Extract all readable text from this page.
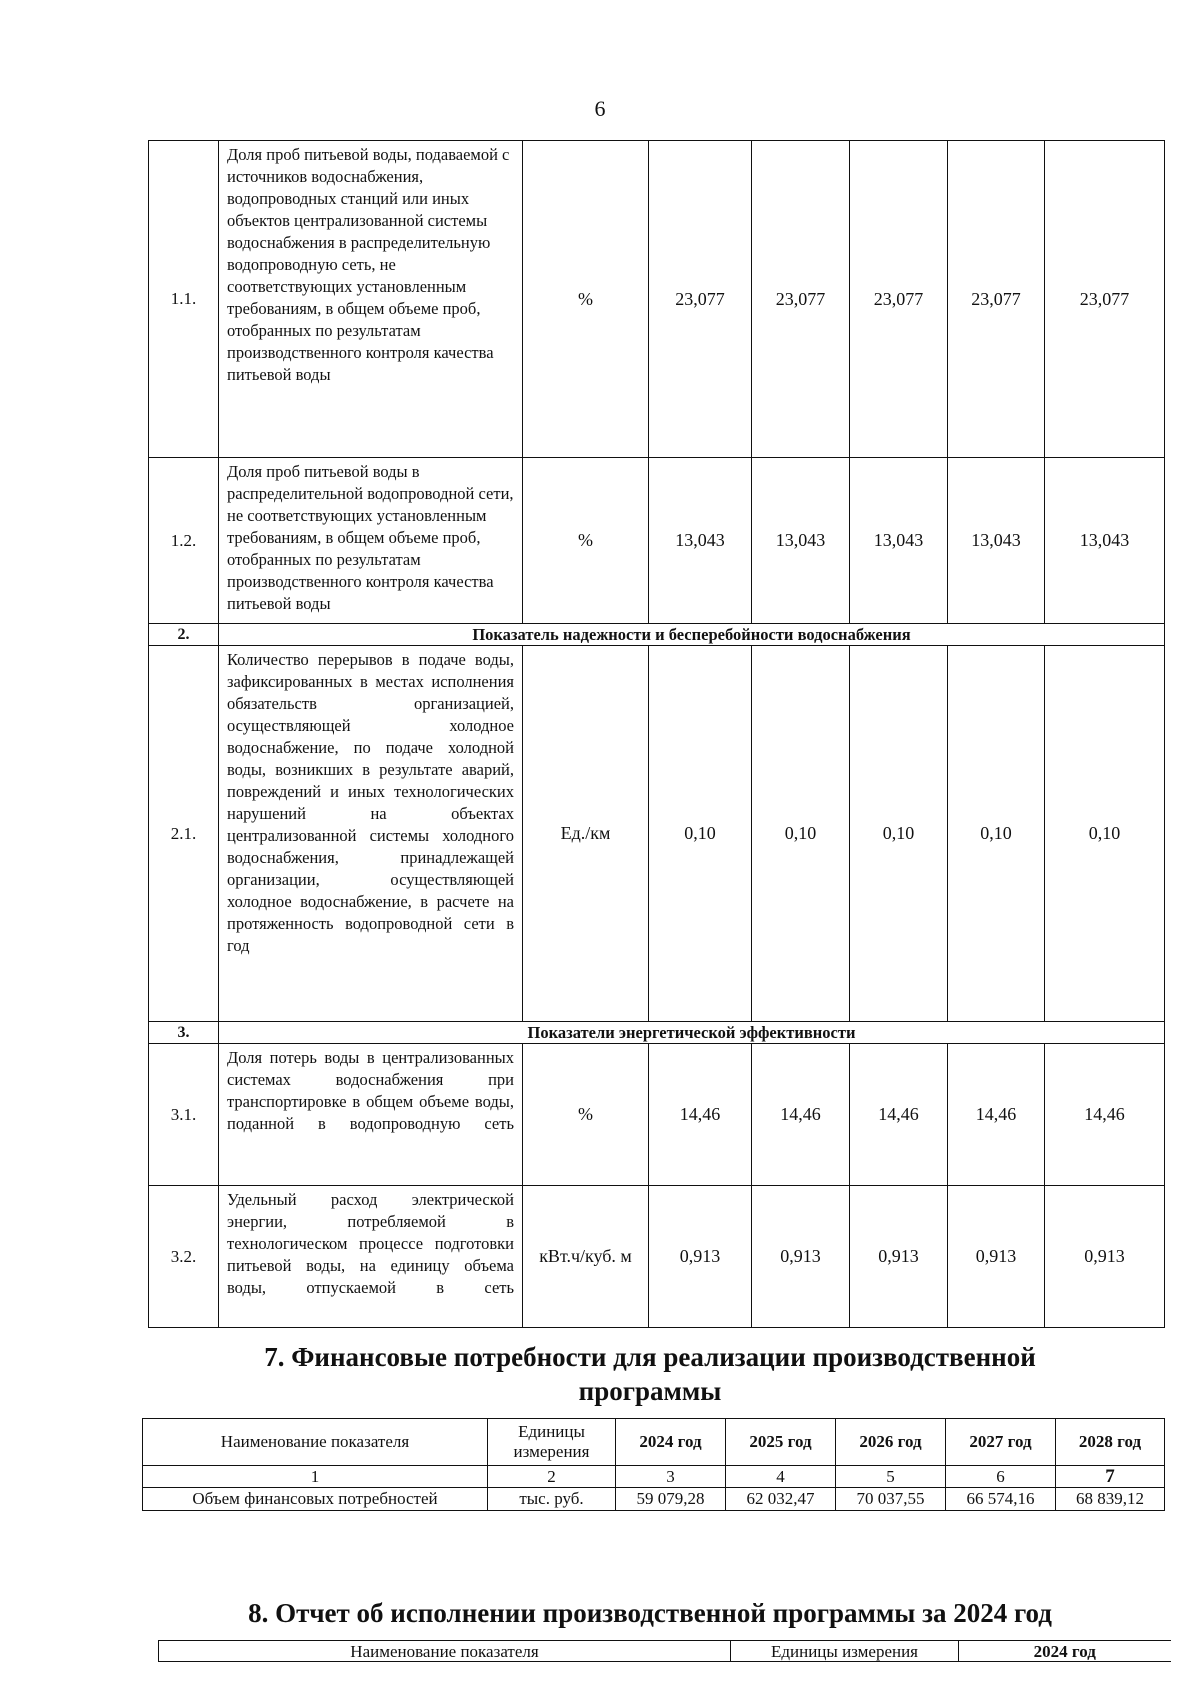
6
1.1.	Доля проб питьевой воды, подаваемой с источников водоснабжения, водопроводных станций или иных объектов централизованной системы водоснабжения в распределительную водопроводную сеть, не соответствующих установленным требованиям, в общем объеме проб, отобранных по результатам производственного контроля качества питьевой воды	%	23,077	23,077	23,077	23,077	23,077
1.2.	Доля проб питьевой воды в распределительной водопроводной сети, не соответствующих установленным требованиям, в общем объеме проб, отобранных по результатам производственного контроля качества питьевой воды	%	13,043	13,043	13,043	13,043	13,043
2.	Показатель надежности и бесперебойности водоснабжения						
2.1.	Количество перерывов в подаче воды, зафиксированных в местах исполнения обязательств организацией, осуществляющей холодное водоснабжение, по подаче холодной воды, возникших в результате аварий, повреждений и иных технологических нарушений на объектах централизованной системы холодного водоснабжения, принадлежащей организации, осуществляющей холодное водоснабжение, в расчете на протяженность водопроводной сети в год	Ед./км	0,10	0,10	0,10	0,10	0,10
3.	Показатели энергетической эффективности						
3.1.	Доля потерь воды в централизованных системах водоснабжения при транспортировке в общем объеме воды, поданной в водопроводную сеть	%	14,46	14,46	14,46	14,46	14,46
3.2.	Удельный расход электрической энергии, потребляемой в технологическом процессе подготовки питьевой воды, на единицу объема воды, отпускаемой в сеть	кВт.ч/куб. м	0,913	0,913	0,913	0,913	0,913
7. Финансовые потребности для реализации производственной программы
Наименование показателя	Единицы измерения	2024 год	2025 год	2026 год	2027 год	2028 год
1	2	3	4	5	6	7
Объем финансовых потребностей	тыс. руб.	59 079,28	62 032,47	70 037,55	66 574,16	68 839,12
8. Отчет об исполнении производственной программы за 2024 год
Наименование показателя	Единицы измерения	2024 год
